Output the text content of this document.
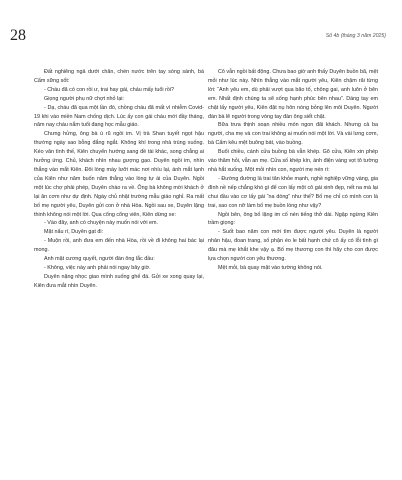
28	Số 4b (tháng 3 năm 2025)

Đất nghiêng ngả dưới chân, chén nước trên tay sóng sánh, bà Cẩm sững sốt:

- Cháu đã có con rồi ư, trai hay gái, cháu mấy tuổi rồi?

Giọng người phụ nữ chợt nhỏ lại:

- Dạ, cháu đã qua một lần đò, chồng cháu đã mất vì nhiễm Covid-19 khi vào miền Nam chống dịch. Lúc ấy con gái cháu mới đầy tháng, năm nay cháu nắm tuổi đang học mẫu giáo.

Chưng hửng, ông bà ú rũ ngồi im. Vị trà Shan tuyết ngọt hậu thường ngày sao bỗng đắng ngắt. Không khí trong nhà trùng xuống. Kéo văn tình thế, Kiên chuyển hướng sang đề tài khác, song chẳng ai hưởng ứng. Chủ, khách nhìn nhau gượng gạo. Duyên ngồi im, nhìn thẳng vào mắt Kiên. Đôi lòng mày lưỡi mác nơi nhíu lại, ánh mắt lạnh của Kiên như năm buốn năm thẳng vào lòng tự ái của Duyên. Ngồi một lúc chợ phải phép, Duyên chào ra về. Ông bà không mời khách ở lại ăn cơm như dự định. Ngày chủ nhật trường mẫu giáo nghỉ. Ra mất bố mẹ người yêu, Duyên gửi con ở nhà Hòa. Ngồi sau xe, Duyên lặng thinh không nói một lời. Qua cổng cổng viên, Kiên dừng xe:

- Vào đây, anh có chuyện này muốn nói với em.

Mặt nẩu rì, Duyên gạt đi:

- Muộn rồi, anh đưa em đến nhà Hòa, rồi về đi không hai bác lại mong.

Anh mặt cương quyết, người đàn ông lắc đầu:

- Không, việc này anh phải nói ngay bây giờ.

Duyên nặng nhọc giao mình xuống ghế đá. Gửi xe xong quay lại, Kiên đưa mắt nhìn Duyên.

Cô vẫn ngồi bất động. Chưa bao giờ anh thấy Duyên buồn bã, mệt mỏi như lúc này. Nhìn thẳng vào mắt người yêu, Kiên chậm rãi từng lời: “Anh yêu em, dù phải vượt qua bão tố, chông gai, anh luôn ở bên em. Nhất định chúng ta sẽ sống hạnh phúc bên nhau”. Dáng tay em chặt lấy người yêu, Kiên đặt nụ hôn nóng bỏng lên môi Duyên. Người đàn bà lẽ người trong vòng tay đàn ông siết chặt.

Bữa trưa thịnh soạn nhiều món ngon đãi khách. Nhưng cả ba người, cha mẹ và con trai không ai muốn nói một lời. Và vài lưng cơm, bà Cẩm kêu mệt buông bát, vào buồng.

Buổi chiều, cánh cửa buồng bà vẫn khép. Gõ cửa, Kiên xin phép vào thăm hỏi, vẫn an mẹ. Cửa số khép kín, ánh điện vàng vọt tô tường nhà hắt xuống. Một mỏi nhìn con, người mẹ nén rì:

- Đường đường là trai tân khỏe mạnh, nghề nghiệp vững vàng, gia đình nề nếp chẳng khó gì để con lấy một cô gái xinh đẹp, nết na mà lại chui đầu vào cơ lấy gái “na dòng” như thế? Bố mẹ chỉ có mình con là trai, sao con nỡ làm bố mẹ buồn lòng như vậy?

Ngồi bên, ông bố lặng im cố nén tiếng thở dài. Ngập ngừng Kiên trầm giọng:

- Suốt bao năm con mới tìm được người yêu. Duyên là người nhân hậu, đoan trang, số phận éo le bất hạnh chứ cô ấy có lỗi tình gì đâu mà mẹ khắt khe vậy ạ. Bố mẹ thương con thì hãy cho con được lựa chọn người con yêu thương.

Mệt mỏi, bà quay mặt vào tường không nói.
